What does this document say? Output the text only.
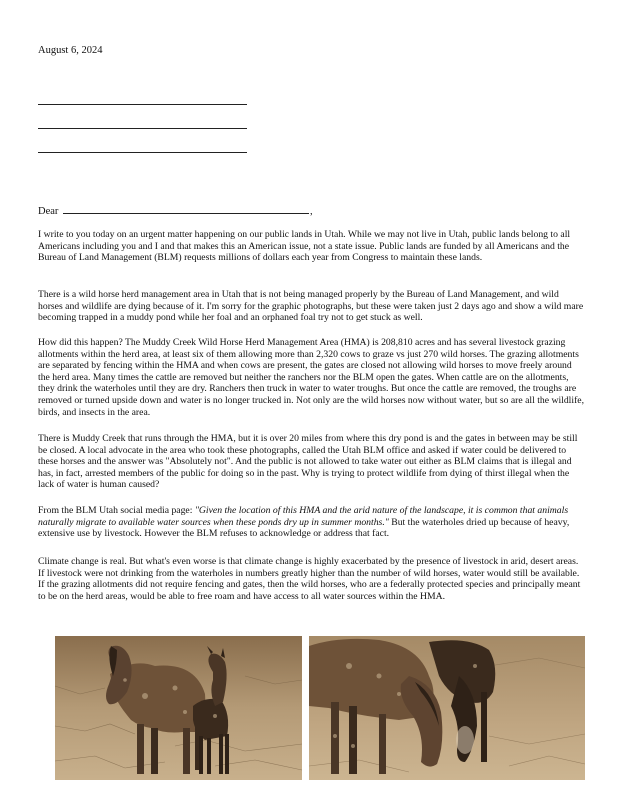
August 6, 2024
Dear	,

I write to you today on an urgent matter happening on our public lands in Utah. While we may not live in Utah, public lands belong to all Americans including you and I and that makes this an American issue, not a state issue. Public lands are funded by all Americans and the Bureau of Land Management (BLM) requests millions of dollars each year from Congress to maintain these lands.

There is a wild horse herd management area in Utah that is not being managed properly by the Bureau of Land Management, and wild horses and wildlife are dying because of it. I'm sorry for the graphic photographs, but these were taken just 2 days ago and show a wild mare becoming trapped in a muddy pond while her foal and an orphaned foal try not to get stuck as well.

How did this happen? The Muddy Creek Wild Horse Herd Management Area (HMA) is 208,810 acres and has several livestock grazing allotments within the herd area, at least six of them allowing more than 2,320 cows to graze vs just 270 wild horses. The grazing allotments are separated by fencing within the HMA and when cows are present, the gates are closed not allowing wild horses to move freely around the herd area. Many times the cattle are removed but neither the ranchers nor the BLM open the gates. When cattle are on the allotments, they drink the waterholes until they are dry. Ranchers then truck in water to water troughs. But once the cattle are removed, the troughs are removed or turned upside down and water is no longer trucked in. Not only are the wild horses now without water, but so are all the wildlife, birds, and insects in the area.

There is Muddy Creek that runs through the HMA, but it is over 20 miles from where this dry pond is and the gates in between may be still be closed. A local advocate in the area who took these photographs, called the Utah BLM office and asked if water could be delivered to these horses and the answer was "Absolutely not". And the public is not allowed to take water out either as BLM claims that is illegal and has, in fact, arrested members of the public for doing so in the past. Why is trying to protect wildlife from dying of thirst illegal when the lack of water is human caused?

From the BLM Utah social media page: "Given the location of this HMA and the arid nature of the landscape, it is common that animals naturally migrate to available water sources when these ponds dry up in summer months." But the waterholes dried up because of heavy, extensive use by livestock. However the BLM refuses to acknowledge or address that fact.

Climate change is real. But what's even worse is that climate change is highly exacerbated by the presence of livestock in arid, desert areas. If livestock were not drinking from the waterholes in numbers greatly higher than the number of wild horses, water would still be available. If the grazing allotments did not require fencing and gates, then the wild horses, who are a federally protected species and principally meant to be on the herd areas, would be able to free roam and have access to all water sources within the HMA.
